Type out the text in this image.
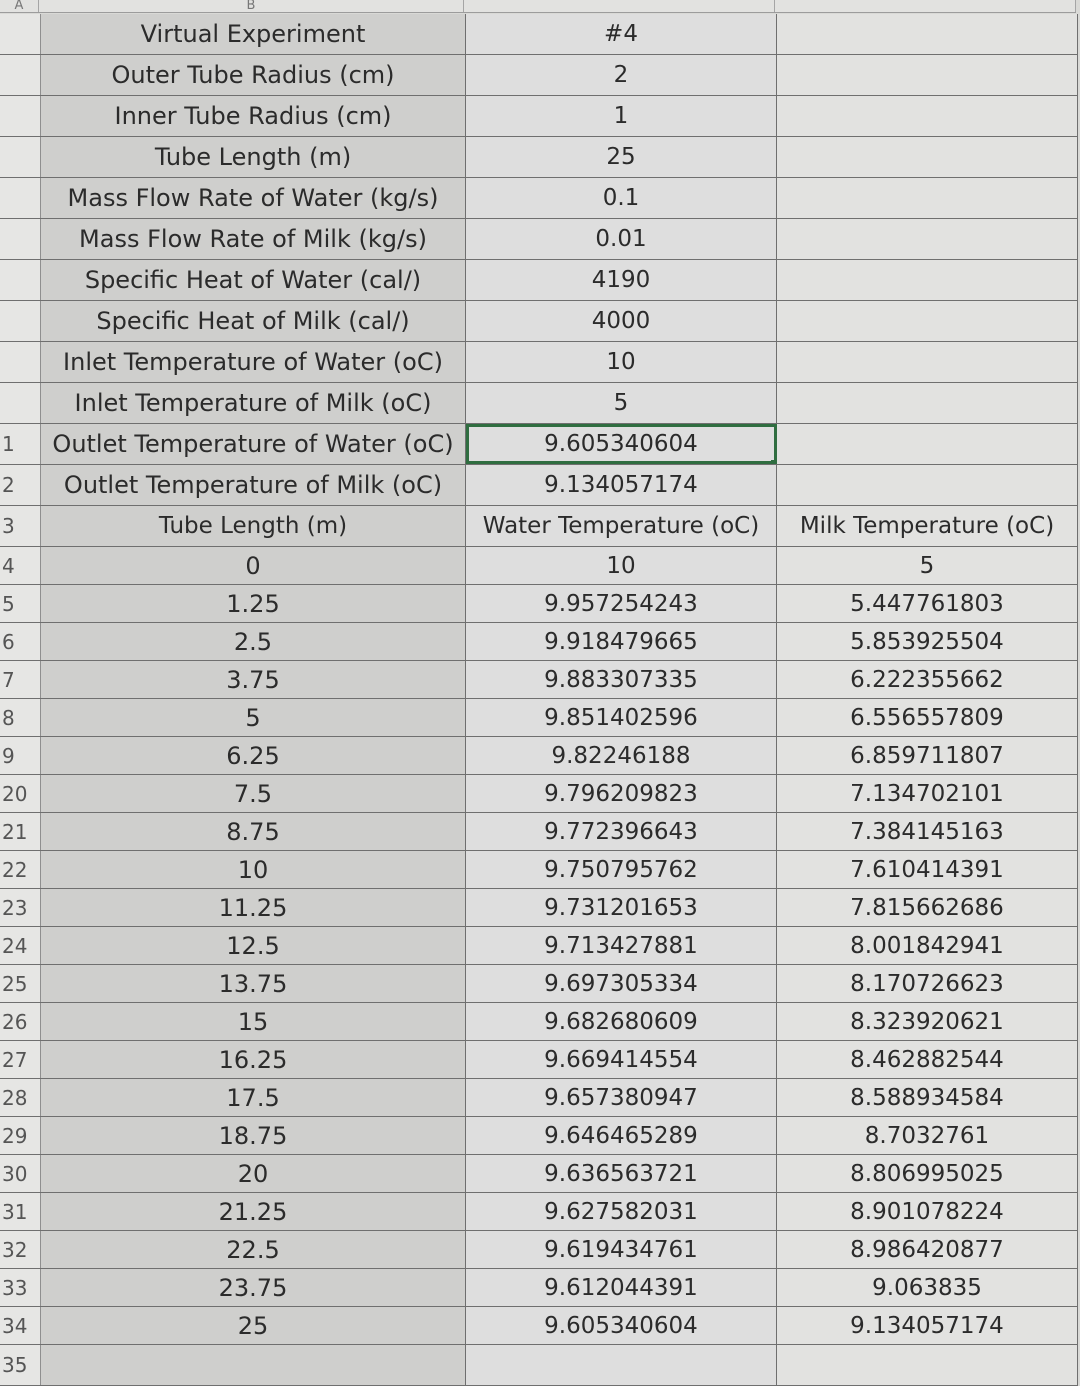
A	B
Virtual Experiment	#4
Outer Tube Radius (cm)	2
Inner Tube Radius (cm)	1
Tube Length (m)	25
Mass Flow Rate of Water (kg/s)	0.1
Mass Flow Rate of Milk (kg/s)	0.01
Specific Heat of Water (cal/)	4190
Specific Heat of Milk (cal/)	4000
Inlet Temperature of Water (oC)	10
Inlet Temperature of Milk (oC)	5
1	Outlet Temperature of Water (oC)	9.605340604
2	Outlet Temperature of Milk (oC)	9.134057174
3	Tube Length (m)	Water Temperature (oC)	Milk Temperature (oC)
4	0	10	5
5	1.25	9.957254243	5.447761803
6	2.5	9.918479665	5.853925504
7	3.75	9.883307335	6.222355662
8	5	9.851402596	6.556557809
9	6.25	9.82246188	6.859711807
20	7.5	9.796209823	7.134702101
21	8.75	9.772396643	7.384145163
22	10	9.750795762	7.610414391
23	11.25	9.731201653	7.815662686
24	12.5	9.713427881	8.001842941
25	13.75	9.697305334	8.170726623
26	15	9.682680609	8.323920621
27	16.25	9.669414554	8.462882544
28	17.5	9.657380947	8.588934584
29	18.75	9.646465289	8.7032761
30	20	9.636563721	8.806995025
31	21.25	9.627582031	8.901078224
32	22.5	9.619434761	8.986420877
33	23.75	9.612044391	9.063835
34	25	9.605340604	9.134057174
35
